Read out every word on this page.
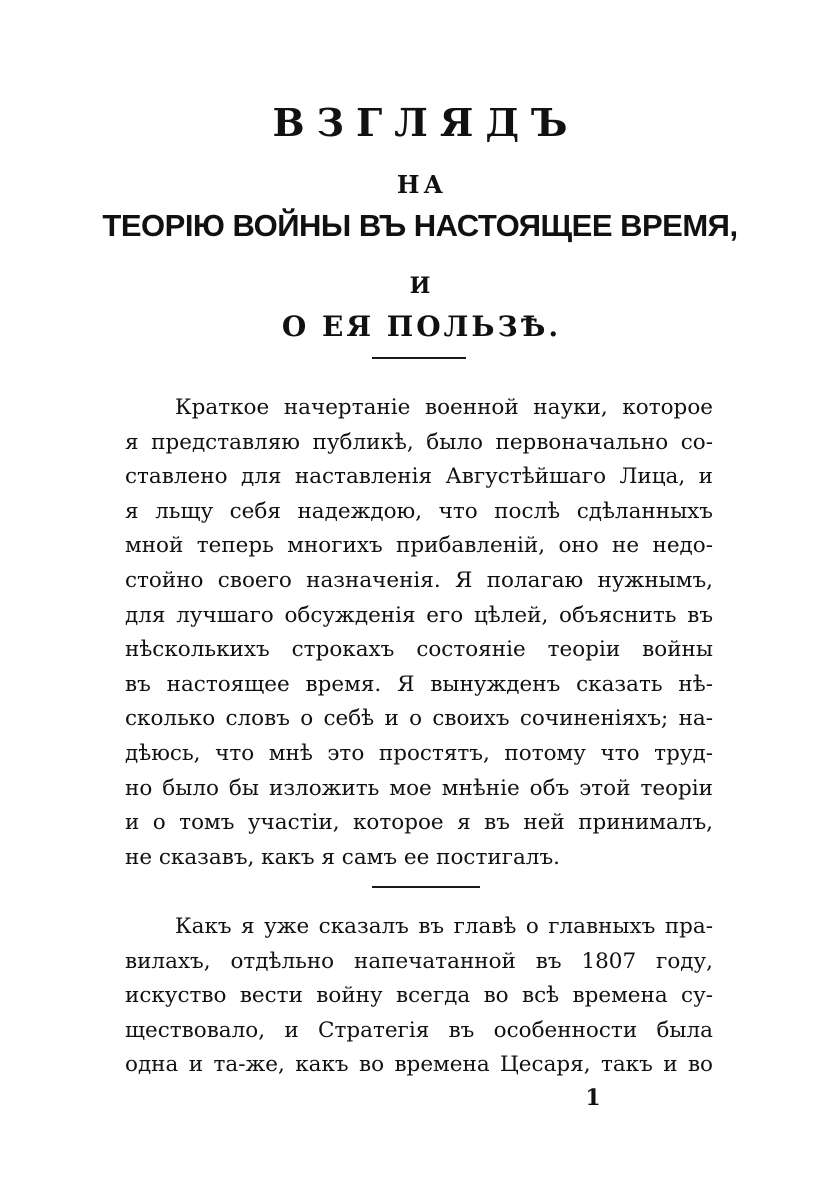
ВЗГЛЯДЪ
НА
ТЕОРІЮ ВОЙНЫ ВЪ НАСТОЯЩЕЕ ВРЕМЯ,
И
О ЕЯ ПОЛЬЗѢ.
Краткое начертаніе военной науки, которое
я представляю публикѣ, было первоначально со-
ставлено для наставленія Августѣйшаго Лица, и
я льщу себя надеждою, что послѣ сдѣланныхъ
мной теперь многихъ прибавленій, оно не недо-
стойно своего назначенія. Я полагаю нужнымъ,
для лучшаго обсужденія его цѣлей, объяснить въ
нѣсколькихъ строкахъ состояніе теоріи войны
въ настоящее время. Я вынужденъ сказать нѣ-
сколько словъ о себѣ и о своихъ сочиненіяхъ; на-
дѣюсь, что мнѣ это простятъ, потому что труд-
но было бы изложить мое мнѣніе объ этой теоріи
и о томъ участіи, которое я въ ней принималъ,
не сказавъ, какъ я самъ ее постигалъ.
Какъ я уже сказалъ въ главѣ о главныхъ пра-
вилахъ, отдѣльно напечатанной въ 1807 году,
искуство вести войну всегда во всѣ времена су-
ществовало, и Стратегія въ особенности была
одна и та-же, какъ во времена Цесаря, такъ и во
1
